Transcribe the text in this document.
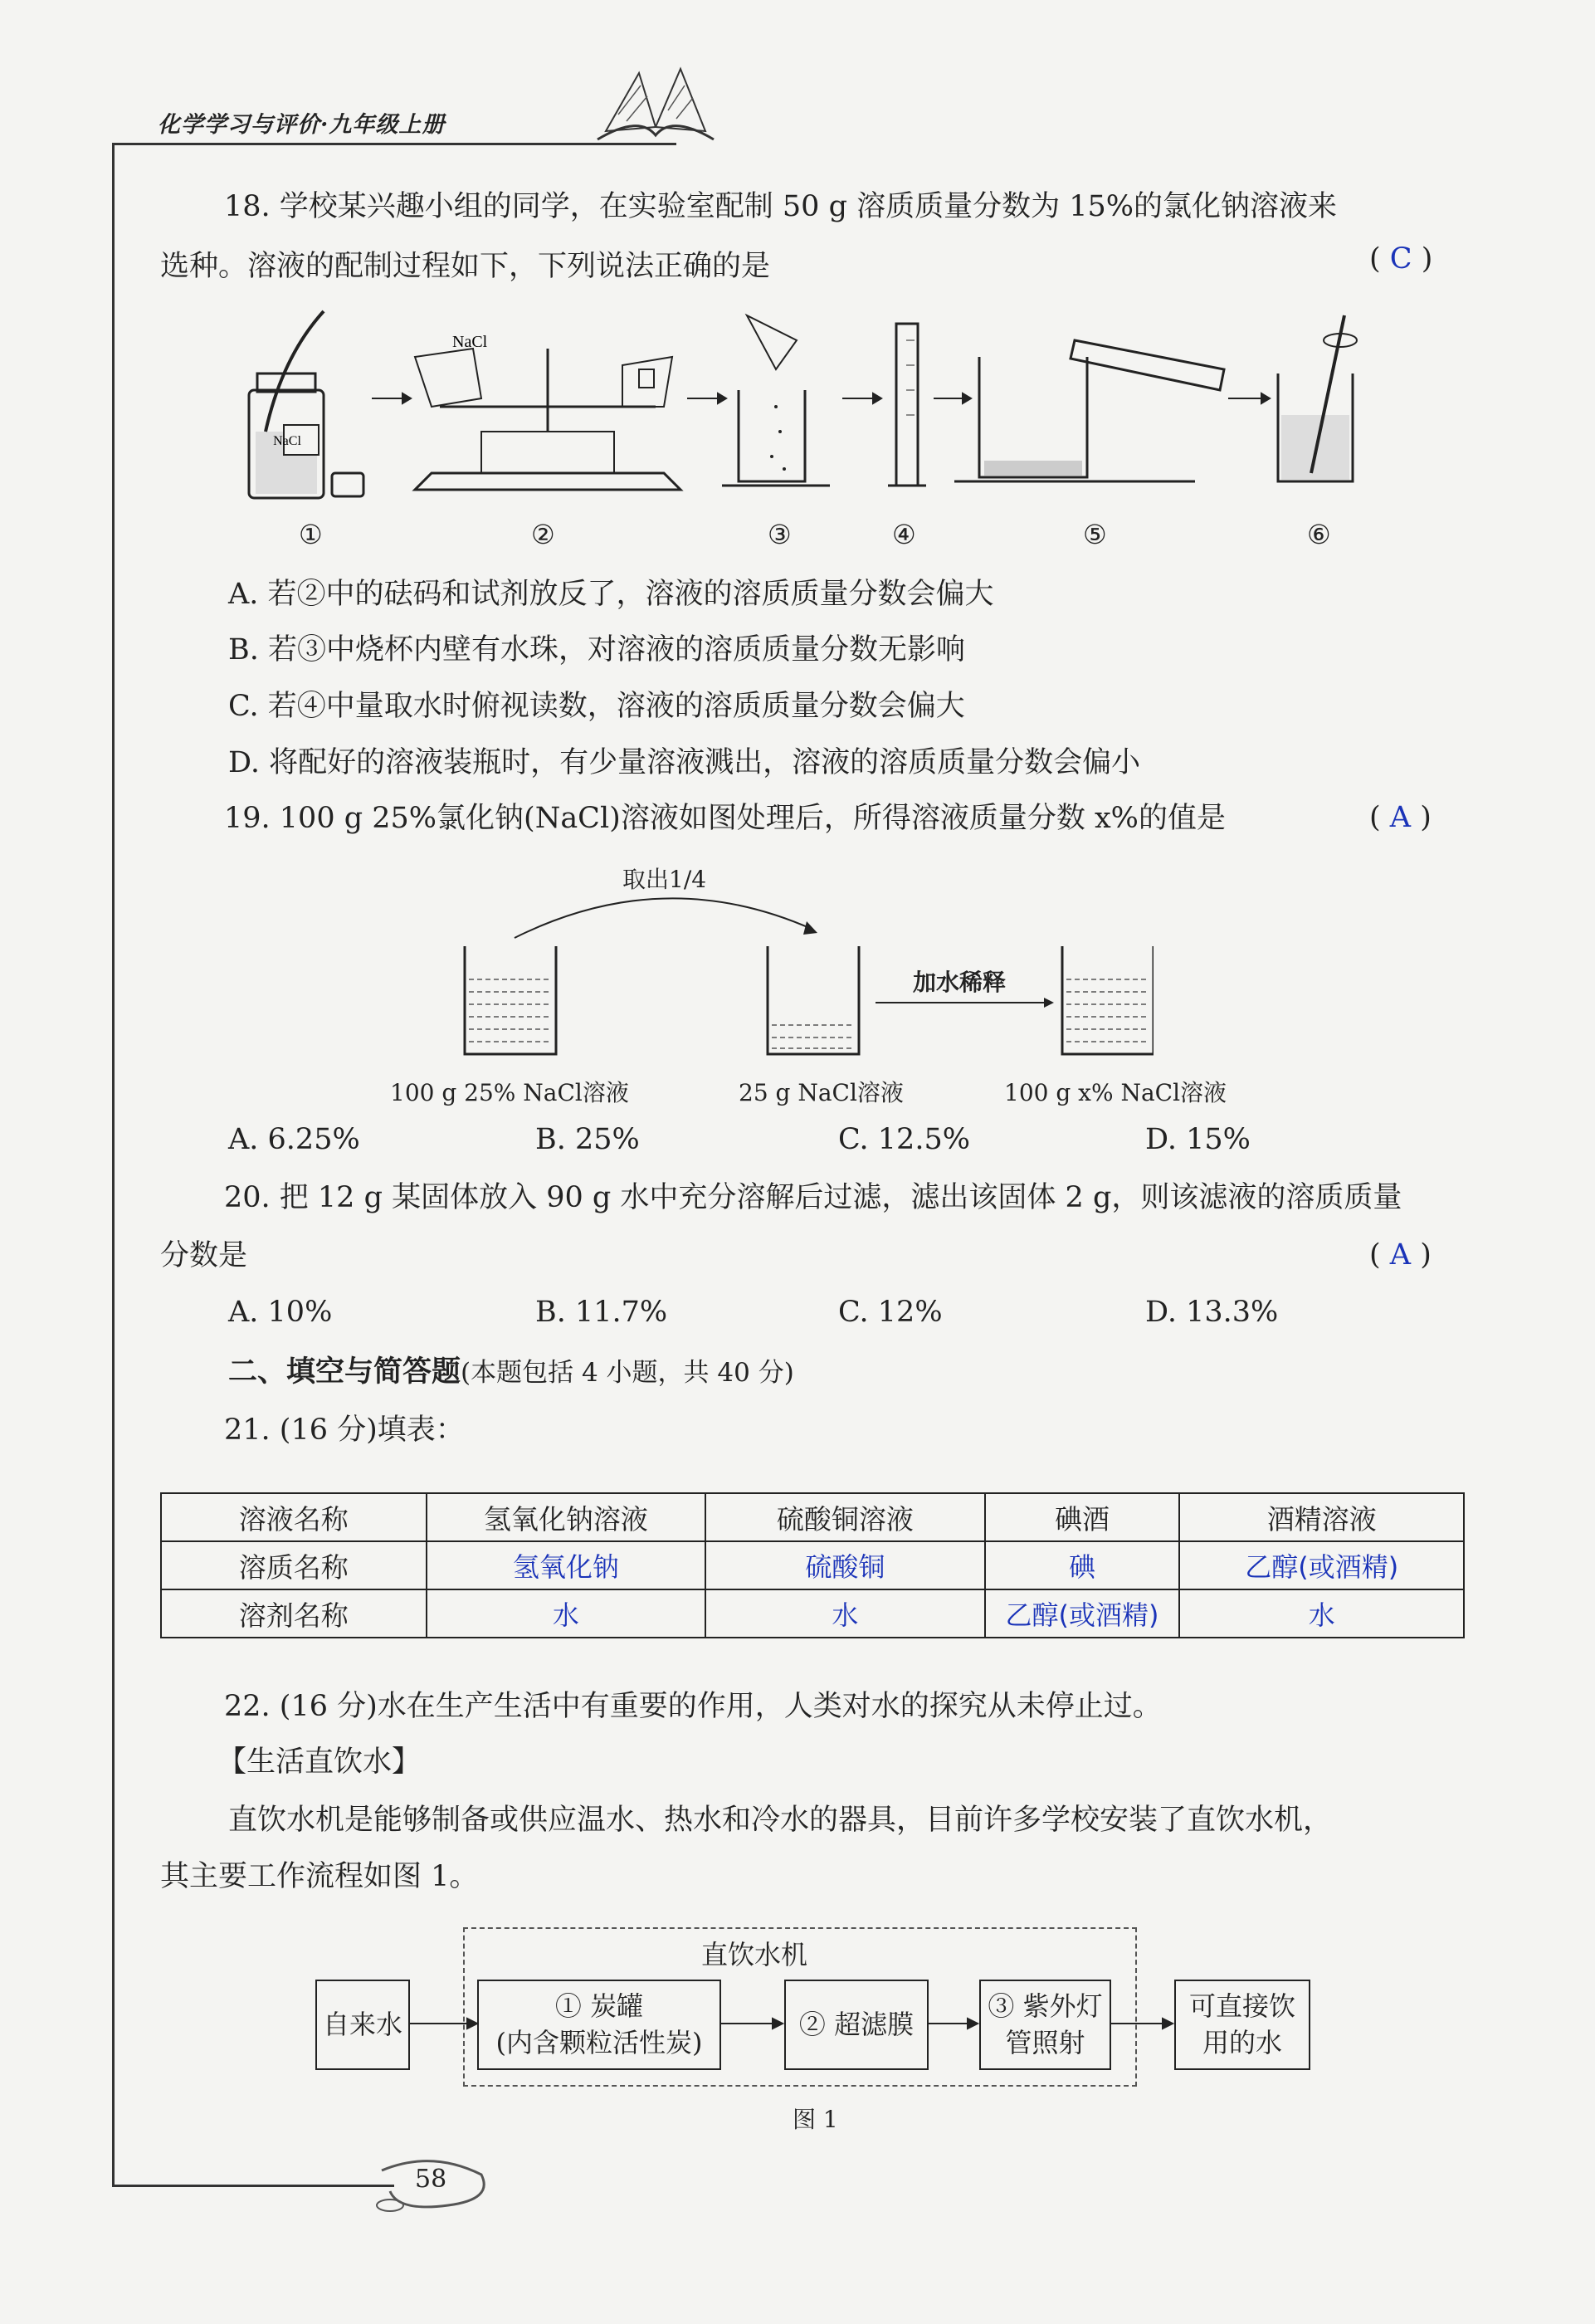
化学学习与评价·九年级上册
18. 学校某兴趣小组的同学，在实验室配制 50 g 溶质质量分数为 15%的氯化钠溶液来
选种。溶液的配制过程如下，下列说法正确的是	( C )
NaCl
NaCl
①	②	③	④	⑤	⑥
A. 若②中的砝码和试剂放反了，溶液的溶质质量分数会偏大
B. 若③中烧杯内壁有水珠，对溶液的溶质质量分数无影响
C. 若④中量取水时俯视读数，溶液的溶质质量分数会偏大
D. 将配好的溶液装瓶时，有少量溶液溅出，溶液的溶质质量分数会偏小
19. 100 g 25%氯化钠(NaCl)溶液如图处理后，所得溶液质量分数 x%的值是	( A )
取出1/4
加水稀释
100 g 25% NaCl溶液	25 g NaCl溶液	100 g x% NaCl溶液
A. 6.25%	B. 25%	C. 12.5%	D. 15%
20. 把 12 g 某固体放入 90 g 水中充分溶解后过滤，滤出该固体 2 g，则该滤液的溶质质量
分数是	( A )
A. 10%	B. 11.7%	C. 12%	D. 13.3%
二、填空与简答题(本题包括 4 小题，共 40 分)
21. (16 分)填表：
溶液名称	氢氧化钠溶液	硫酸铜溶液	碘酒	酒精溶液
溶质名称	氢氧化钠	硫酸铜	碘	乙醇(或酒精)
溶剂名称	水	水	乙醇(或酒精)	水
22. (16 分)水在生产生活中有重要的作用，人类对水的探究从未停止过。
【生活直饮水】
直饮水机是能够制备或供应温水、热水和冷水的器具，目前许多学校安装了直饮水机，
其主要工作流程如图 1。
直饮水机
自来水
① 炭罐
(内含颗粒活性炭)
② 超滤膜
③ 紫外灯
管照射
可直接饮
用的水
图 1
58
